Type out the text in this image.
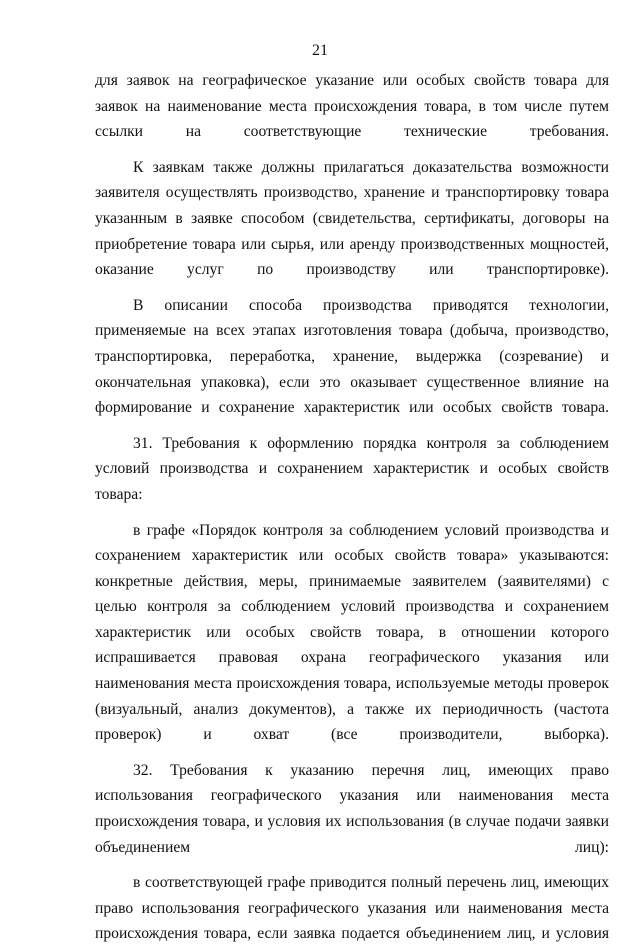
21

для заявок на географическое указание или особых свойств товара для заявок на наименование места происхождения товара, в том числе путем ссылки на соответствующие технические требования.

К заявкам также должны прилагаться доказательства возможности заявителя осуществлять производство, хранение и транспортировку товара указанным в заявке способом (свидетельства, сертификаты, договоры на приобретение товара или сырья, или аренду производственных мощностей, оказание услуг по производству или транспортировке).

В описании способа производства приводятся технологии, применяемые на всех этапах изготовления товара (добыча, производство, транспортировка, переработка, хранение, выдержка (созревание) и окончательная упаковка), если это оказывает существенное влияние на формирование и сохранение характеристик или особых свойств товара.

31. Требования к оформлению порядка контроля за соблюдением условий производства и сохранением характеристик и особых свойств товара:

в графе «Порядок контроля за соблюдением условий производства и сохранением характеристик или особых свойств товара» указываются: конкретные действия, меры, принимаемые заявителем (заявителями) с целью контроля за соблюдением условий производства и сохранением характеристик или особых свойств товара, в отношении которого испрашивается правовая охрана географического указания или наименования места происхождения товара, используемые методы проверок (визуальный, анализ документов), а также их периодичность (частота проверок) и охват (все производители, выборка).

32. Требования к указанию перечня лиц, имеющих право использования географического указания или наименования места происхождения товара, и условия их использования (в случае подачи заявки объединением лиц):

в соответствующей графе приводится полный перечень лиц, имеющих право использования географического указания или наименования места происхождения товара, если заявка подается объединением лиц, и условия
